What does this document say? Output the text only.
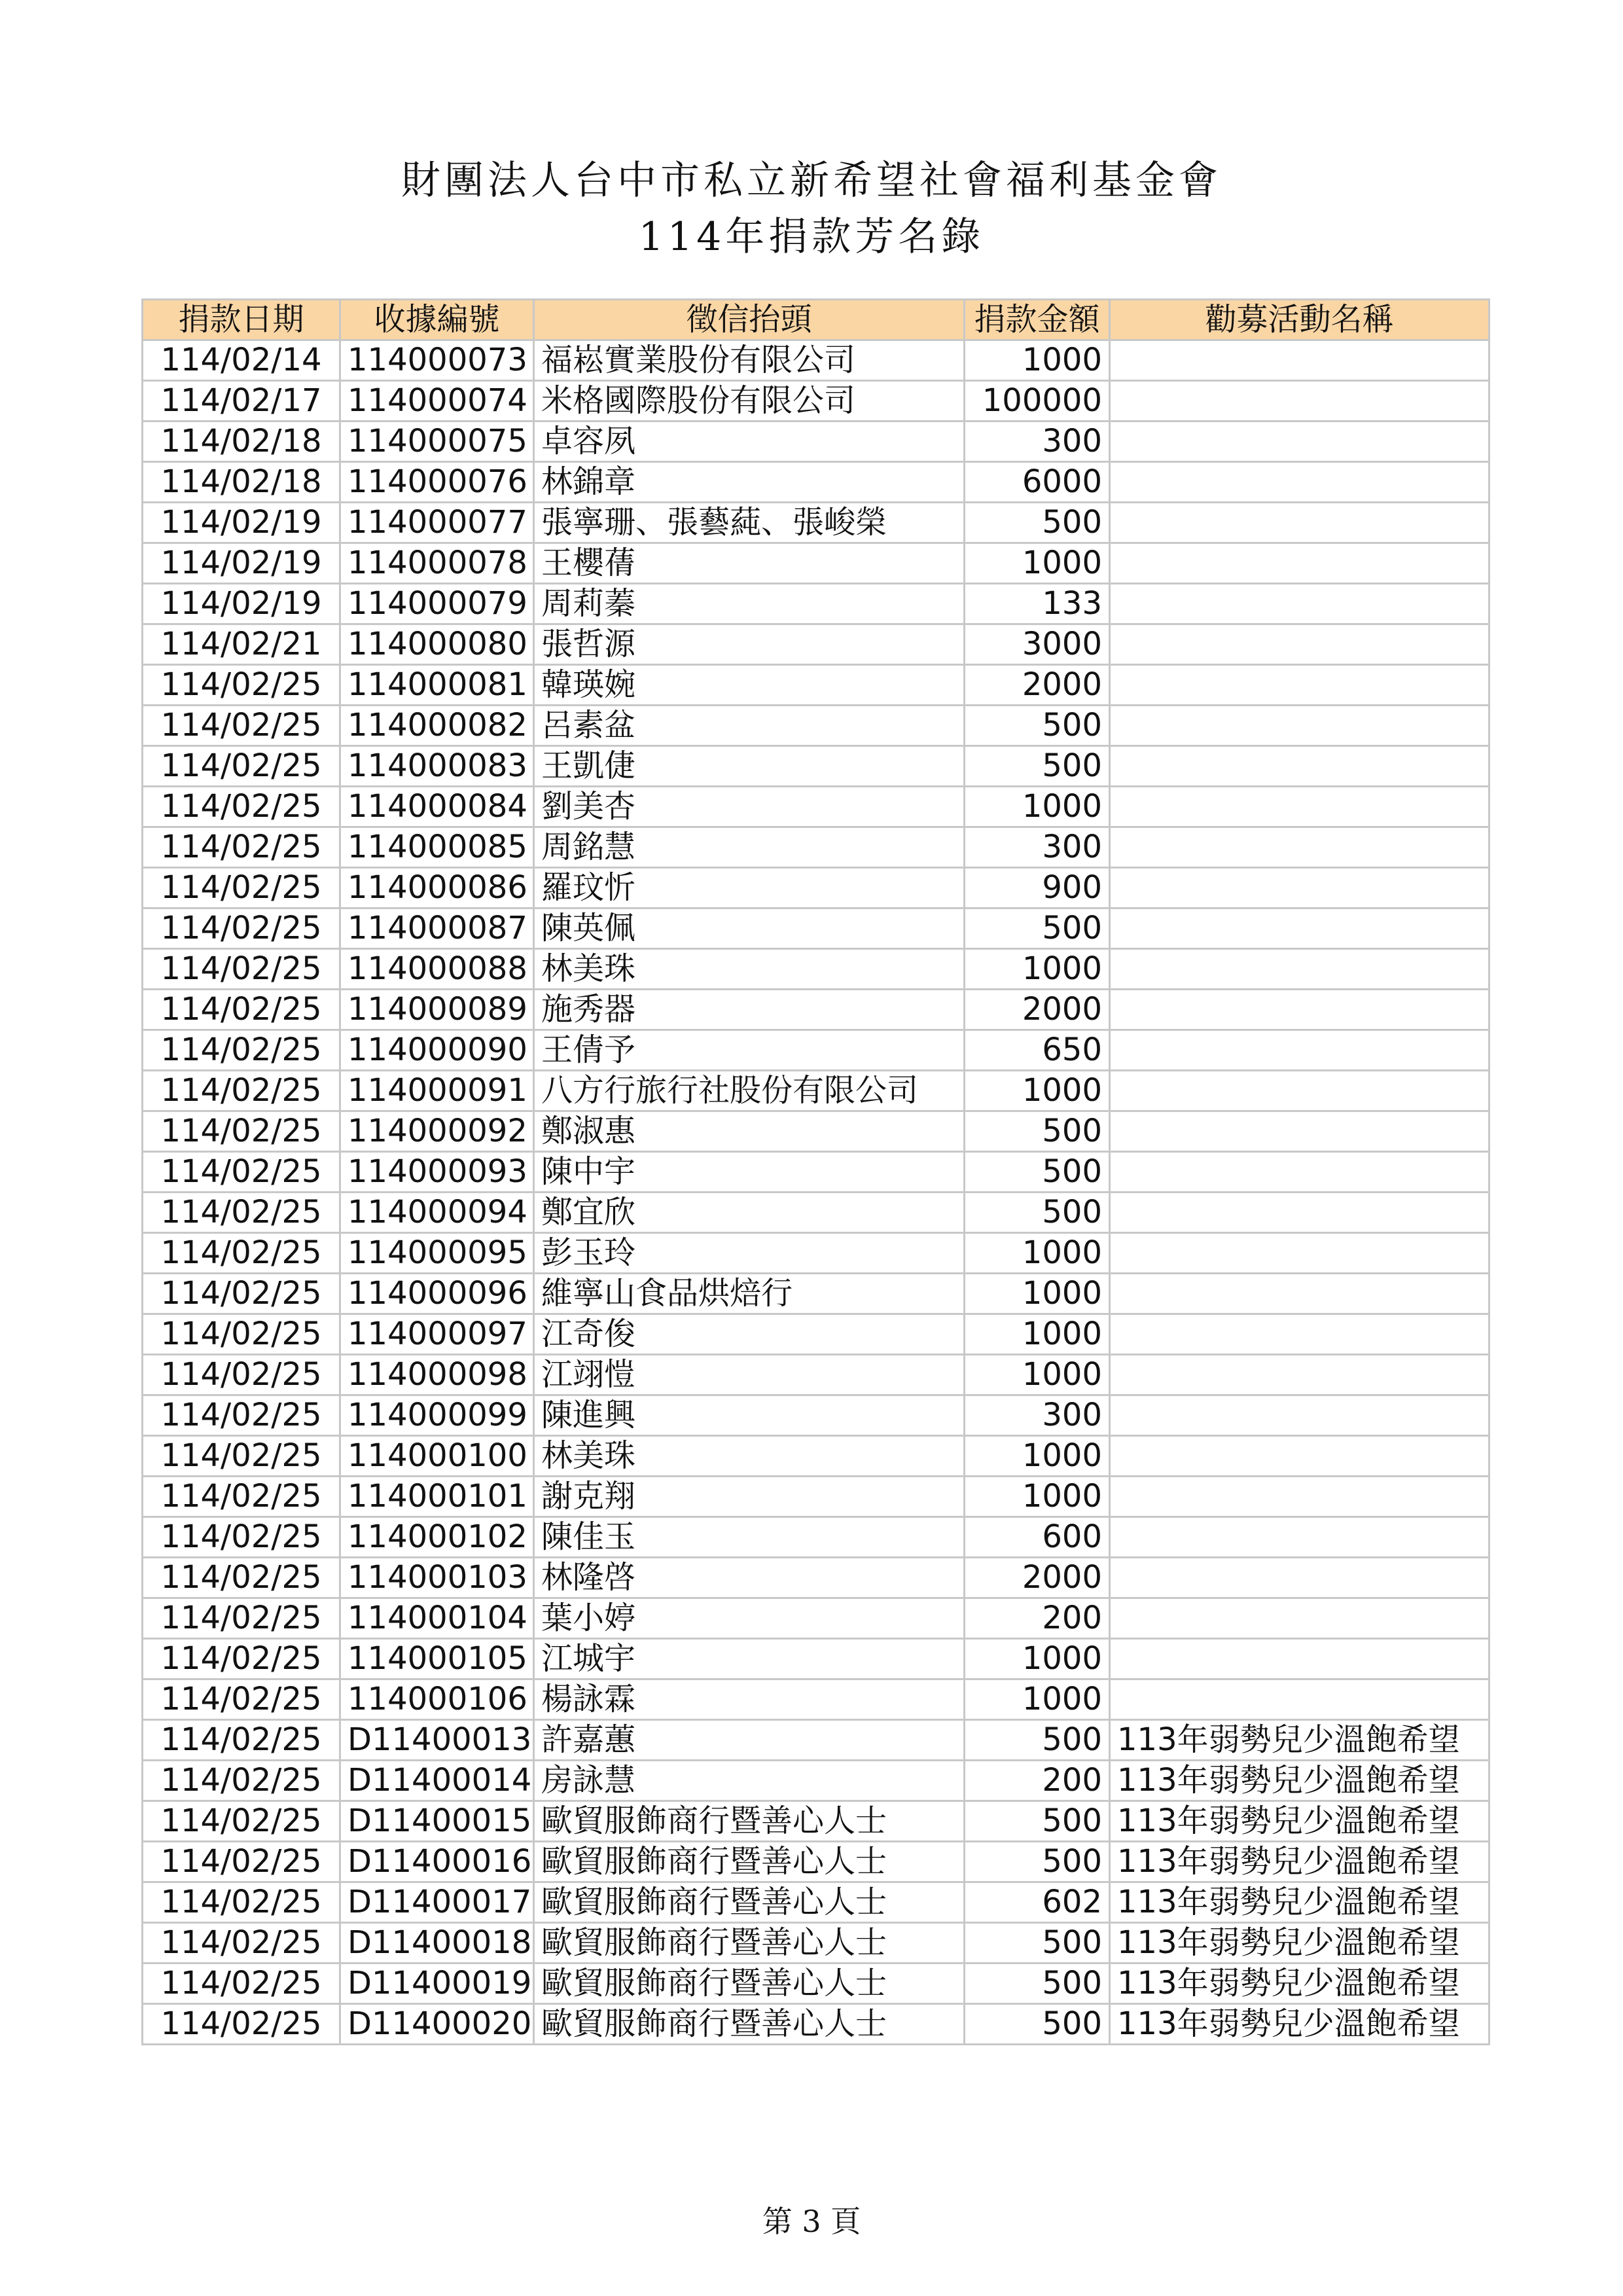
財團法人台中市私立新希望社會福利基金會
114年捐款芳名錄
捐款日期	收據編號	徵信抬頭	捐款金額	勸募活動名稱
114/02/14	114000073	福崧實業股份有限公司	1000	
114/02/17	114000074	米格國際股份有限公司	100000	
114/02/18	114000075	卓容夙	300	
114/02/18	114000076	林錦章	6000	
114/02/19	114000077	張寧珊、張藝蒓、張峻榮	500	
114/02/19	114000078	王櫻蒨	1000	
114/02/19	114000079	周莉蓁	133	
114/02/21	114000080	張哲源	3000	
114/02/25	114000081	韓瑛婉	2000	
114/02/25	114000082	呂素盆	500	
114/02/25	114000083	王凱倢	500	
114/02/25	114000084	劉美杏	1000	
114/02/25	114000085	周銘慧	300	
114/02/25	114000086	羅玟忻	900	
114/02/25	114000087	陳英佩	500	
114/02/25	114000088	林美珠	1000	
114/02/25	114000089	施秀器	2000	
114/02/25	114000090	王倩予	650	
114/02/25	114000091	八方行旅行社股份有限公司	1000	
114/02/25	114000092	鄭淑惠	500	
114/02/25	114000093	陳中宇	500	
114/02/25	114000094	鄭宜欣	500	
114/02/25	114000095	彭玉玲	1000	
114/02/25	114000096	維寧山食品烘焙行	1000	
114/02/25	114000097	江奇俊	1000	
114/02/25	114000098	江翊愷	1000	
114/02/25	114000099	陳進興	300	
114/02/25	114000100	林美珠	1000	
114/02/25	114000101	謝克翔	1000	
114/02/25	114000102	陳佳玉	600	
114/02/25	114000103	林隆啓	2000	
114/02/25	114000104	葉小婷	200	
114/02/25	114000105	江城宇	1000	
114/02/25	114000106	楊詠霖	1000	
114/02/25	D11400013	許嘉蕙	500	113年弱勢兒少溫飽希望
114/02/25	D11400014	房詠慧	200	113年弱勢兒少溫飽希望
114/02/25	D11400015	歐貿服飾商行暨善心人士	500	113年弱勢兒少溫飽希望
114/02/25	D11400016	歐貿服飾商行暨善心人士	500	113年弱勢兒少溫飽希望
114/02/25	D11400017	歐貿服飾商行暨善心人士	602	113年弱勢兒少溫飽希望
114/02/25	D11400018	歐貿服飾商行暨善心人士	500	113年弱勢兒少溫飽希望
114/02/25	D11400019	歐貿服飾商行暨善心人士	500	113年弱勢兒少溫飽希望
114/02/25	D11400020	歐貿服飾商行暨善心人士	500	113年弱勢兒少溫飽希望
第 3 頁
